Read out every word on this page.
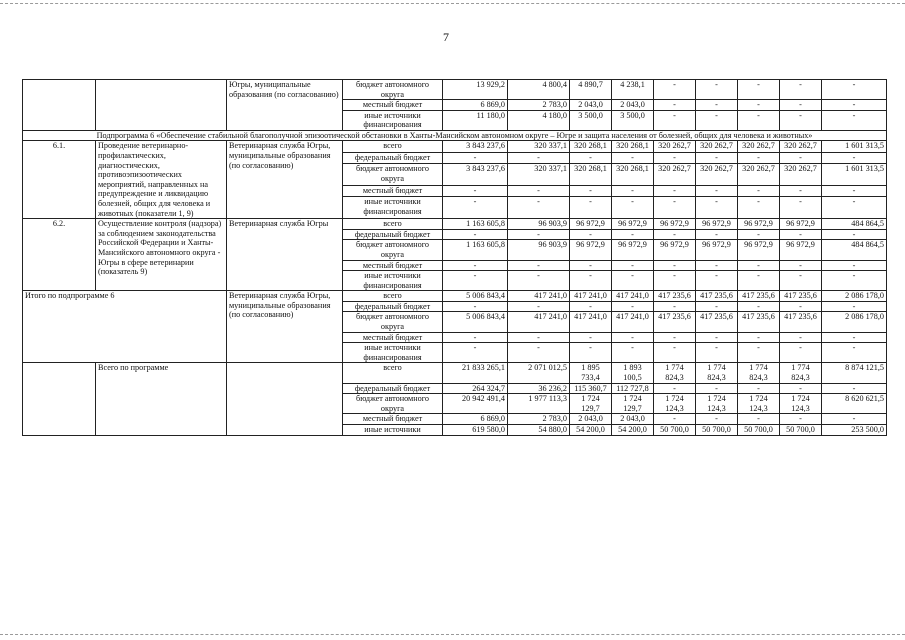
7
		Югры, муниципальные образования (по согласованию)	бюджет автономного округа	13 929,2	4 800,4	4 890,7	4 238,1	-	-	-	-	-
			местный бюджет	6 869,0	2 783,0	2 043,0	2 043,0	-	-	-	-	-
			иные источники финансирования	11 180,0	4 180,0	3 500,0	3 500,0	-	-	-	-	-
Подпрограмма 6 «Обеспечение стабильной благополучной эпизоотической обстановки в Ханты-Мансийском автономном округе – Югре и защита населения от болезней, общих для человека и животных»												
6.1.	Проведение ветеринарно-профилактических, диагностических, противоэпизоотических мероприятий, направленных на предупреждение и ликвидацию болезней, общих для человека и животных (показатели 1, 9)	Ветеринарная служба Югры, муниципальные образования (по согласованию)	всего	3 843 237,6	320 337,1	320 268,1	320 268,1	320 262,7	320 262,7	320 262,7	320 262,7	1 601 313,5
			федеральный бюджет	-	-	-	-	-	-	-	-	-
			бюджет автономного округа	3 843 237,6	320 337,1	320 268,1	320 268,1	320 262,7	320 262,7	320 262,7	320 262,7	1 601 313,5
			местный бюджет	-	-	-	-	-	-	-	-	-
			иные источники финансирования	-	-	-	-	-	-	-	-	-
6.2.	Осуществление контроля (надзора) за соблюдением законодательства Российской Федерации и Ханты-Мансийского автономного округа - Югры в сфере ветеринарии (показатель 9)	Ветеринарная служба Югры	всего	1 163 605,8	96 903,9	96 972,9	96 972,9	96 972,9	96 972,9	96 972,9	96 972,9	484 864,5
			федеральный бюджет	-	-	-	-	-	-	-	-	-
			бюджет автономного округа	1 163 605,8	96 903,9	96 972,9	96 972,9	96 972,9	96 972,9	96 972,9	96 972,9	484 864,5
			местный бюджет	-	-	-	-	-	-	-	-	-
			иные источники финансирования	-	-	-	-	-	-	-	-	-
Итого по подпрограмме 6		Ветеринарная служба Югры, муниципальные образования (по согласованию)	всего	5 006 843,4	417 241,0	417 241,0	417 241,0	417 235,6	417 235,6	417 235,6	417 235,6	2 086 178,0
			федеральный бюджет	-	-	-	-	-	-	-	-	-
			бюджет автономного округа	5 006 843,4	417 241,0	417 241,0	417 241,0	417 235,6	417 235,6	417 235,6	417 235,6	2 086 178,0
			местный бюджет	-	-	-	-	-	-	-	-	-
			иные источники финансирования	-	-	-	-	-	-	-	-	-
	Всего по программе		всего	21 833 265,1	2 071 012,5	1 895 733,4	1 893 100,5	1 774 824,3	1 774 824,3	1 774 824,3	1 774 824,3	8 874 121,5
			федеральный бюджет	264 324,7	36 236,2	115 360,7	112 727,8	-	-	-	-	-
			бюджет автономного округа	20 942 491,4	1 977 113,3	1 724 129,7	1 724 129,7	1 724 124,3	1 724 124,3	1 724 124,3	1 724 124,3	8 620 621,5
			местный бюджет	6 869,0	2 783,0	2 043,0	2 043,0	-	-	-	-	-
			иные источники	619 580,0	54 880,0	54 200,0	54 200,0	50 700,0	50 700,0	50 700,0	50 700,0	253 500,0
